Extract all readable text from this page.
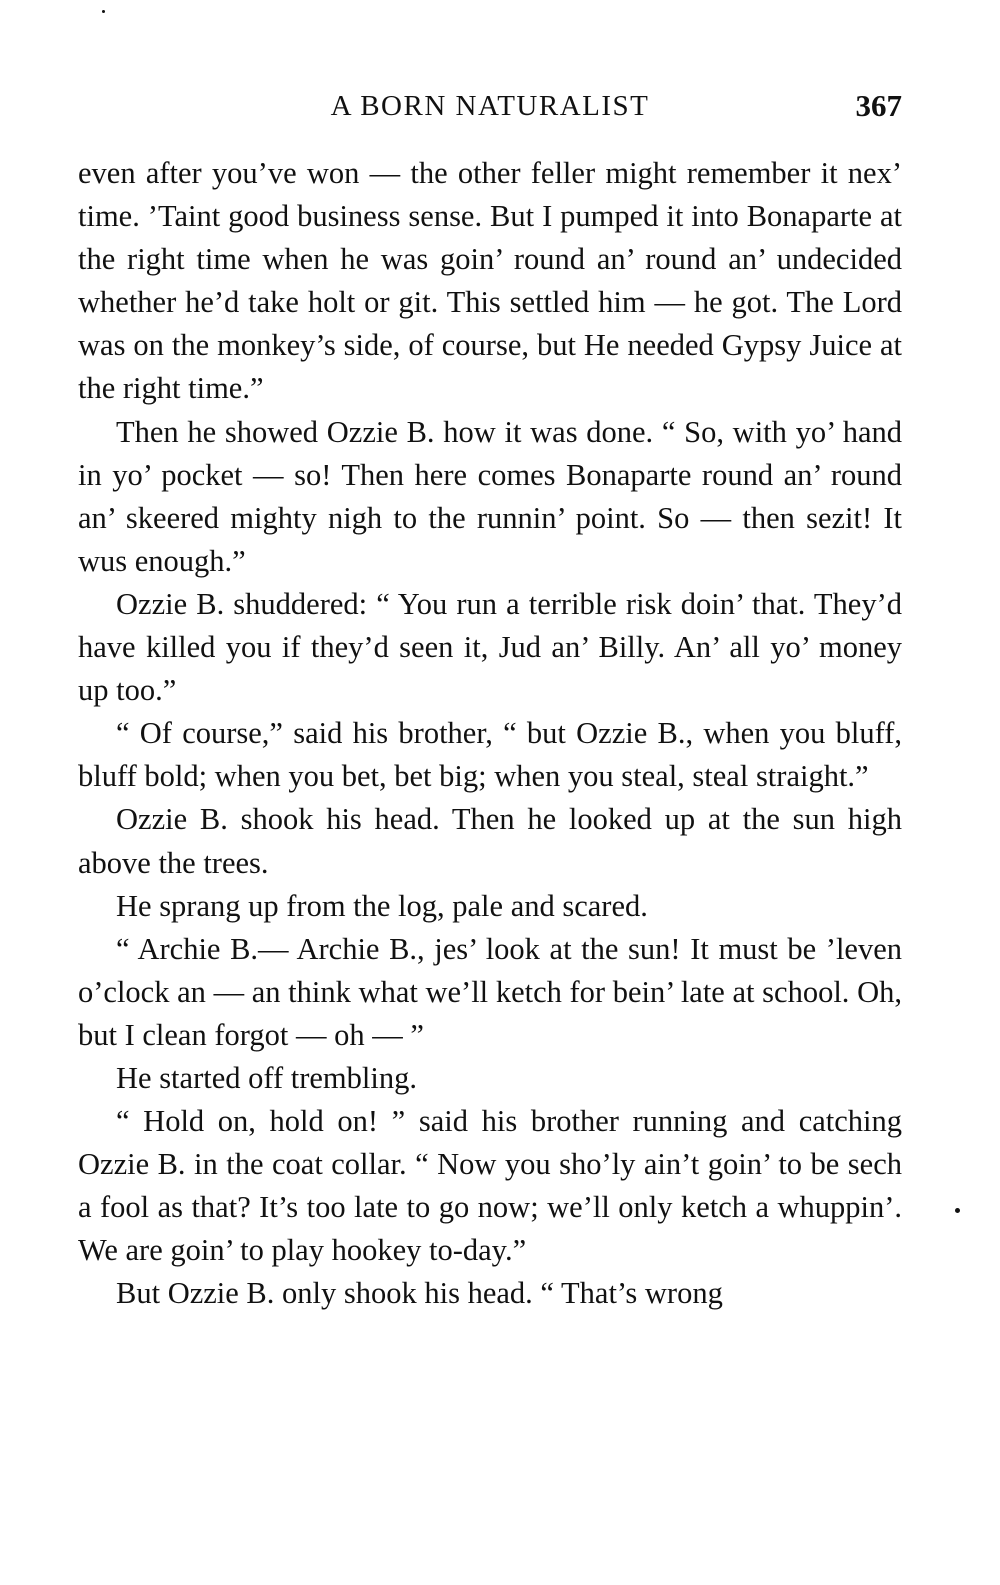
A BORN NATURALIST	367

even after you’ve won — the other feller might remember it nex’ time. ’Taint good business sense. But I pumped it into Bonaparte at the right time when he was goin’ round an’ round an’ undecided whether he’d take holt or git. This settled him — he got. The Lord was on the monkey’s side, of course, but He needed Gypsy Juice at the right time.”

Then he showed Ozzie B. how it was done. “ So, with yo’ hand in yo’ pocket — so! Then here comes Bonaparte round an’ round an’ skeered mighty nigh to the runnin’ point. So — then sezit! It wus enough.”

Ozzie B. shuddered: “ You run a terrible risk doin’ that. They’d have killed you if they’d seen it, Jud an’ Billy. An’ all yo’ money up too.”

“ Of course,” said his brother, “ but Ozzie B., when you bluff, bluff bold; when you bet, bet big; when you steal, steal straight.”

Ozzie B. shook his head. Then he looked up at the sun high above the trees.

He sprang up from the log, pale and scared.

“ Archie B.— Archie B., jes’ look at the sun! It must be ’leven o’clock an — an think what we’ll ketch for bein’ late at school. Oh, but I clean forgot — oh — ”

He started off trembling.

“ Hold on, hold on! ” said his brother running and catching Ozzie B. in the coat collar. “ Now you sho’ly ain’t goin’ to be sech a fool as that? It’s too late to go now; we’ll only ketch a whuppin’. We are goin’ to play hookey to-day.”

But Ozzie B. only shook his head. “ That’s wrong
